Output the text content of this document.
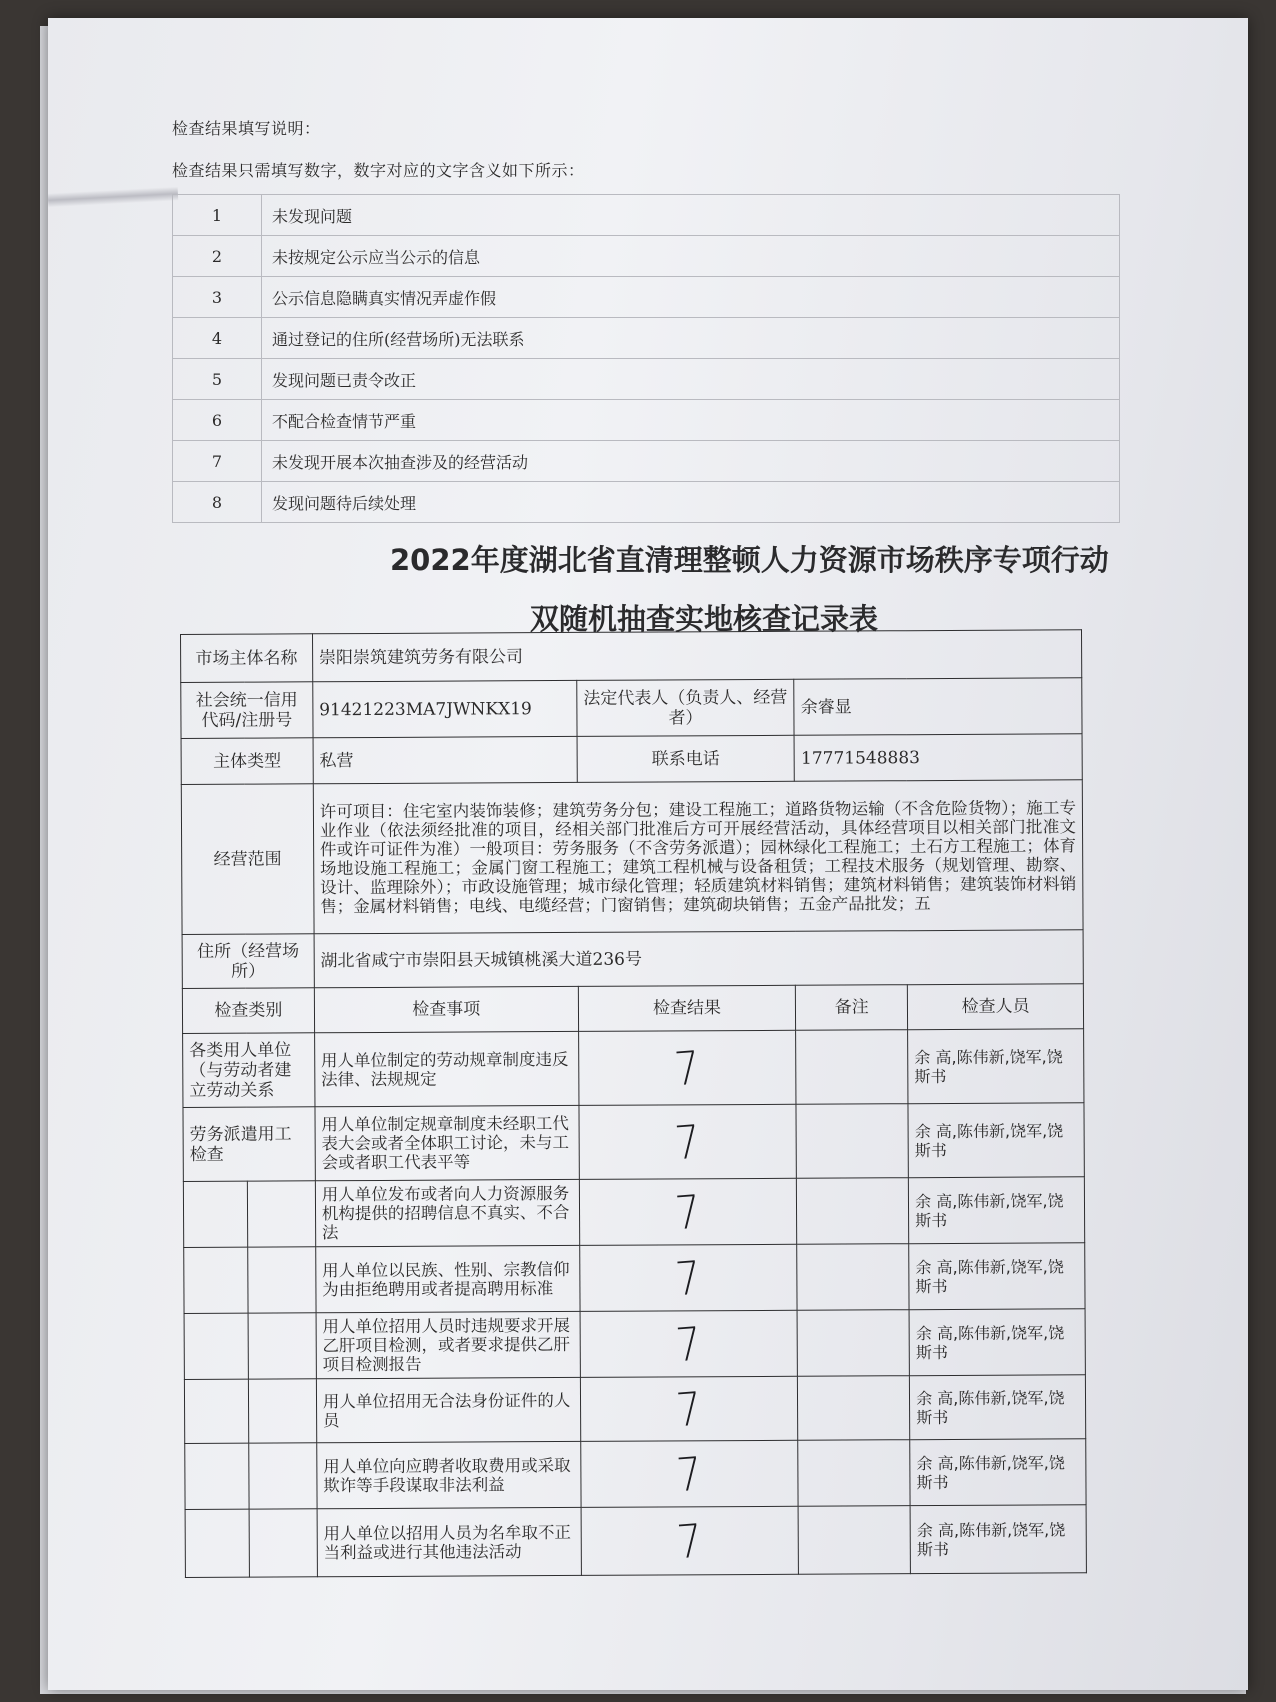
检查结果填写说明：
检查结果只需填写数字，数字对应的文字含义如下所示：
1	未发现问题
2	未按规定公示应当公示的信息
3	公示信息隐瞒真实情况弄虚作假
4	通过登记的住所(经营场所)无法联系
5	发现问题已责令改正
6	不配合检查情节严重
7	未发现开展本次抽查涉及的经营活动
8	发现问题待后续处理
2022年度湖北省直清理整顿人力资源市场秩序专项行动
双随机抽查实地核查记录表
市场主体名称		崇阳崇筑建筑劳务有限公司			
社会统一信用代码/注册号		91421223MA7JWNKX19	法定代表人（负责人、经营者）	余睿显	
主体类型		私营	联系电话	17771548883	
经营范围		许可项目：住宅室内装饰装修；建筑劳务分包；建设工程施工；道路货物运输（不含危险货物）；施工专业作业（依法须经批准的项目，经相关部门批准后方可开展经营活动，具体经营项目以相关部门批准文件或许可证件为准）一般项目：劳务服务（不含劳务派遣）；园林绿化工程施工；土石方工程施工；体育场地设施工程施工；金属门窗工程施工；建筑工程机械与设备租赁；工程技术服务（规划管理、勘察、设计、监理除外）；市政设施管理；城市绿化管理；轻质建筑材料销售；建筑材料销售；建筑装饰材料销售；金属材料销售；电线、电缆经营；门窗销售；建筑砌块销售；五金产品批发；五			
住所（经营场所）		湖北省咸宁市崇阳县天城镇桃溪大道236号			
检查类别		检查事项	检查结果	备注	检查人员
各类用人单位（与劳动者建立劳动关系		用人单位制定的劳动规章制度违反法律、法规规定	7		余 高,陈伟新,饶军,饶斯书
劳务派遣用工检查		用人单位制定规章制度未经职工代表大会或者全体职工讨论，未与工会或者职工代表平等	7		余 高,陈伟新,饶军,饶斯书
		用人单位发布或者向人力资源服务机构提供的招聘信息不真实、不合法	7		余 高,陈伟新,饶军,饶斯书
		用人单位以民族、性别、宗教信仰为由拒绝聘用或者提高聘用标准	7		余 高,陈伟新,饶军,饶斯书
		用人单位招用人员时违规要求开展乙肝项目检测，或者要求提供乙肝项目检测报告	7		余 高,陈伟新,饶军,饶斯书
		用人单位招用无合法身份证件的人员	7		余 高,陈伟新,饶军,饶斯书
		用人单位向应聘者收取费用或采取欺诈等手段谋取非法利益	7		余 高,陈伟新,饶军,饶斯书
		用人单位以招用人员为名牟取不正当利益或进行其他违法活动	7		余 高,陈伟新,饶军,饶斯书
